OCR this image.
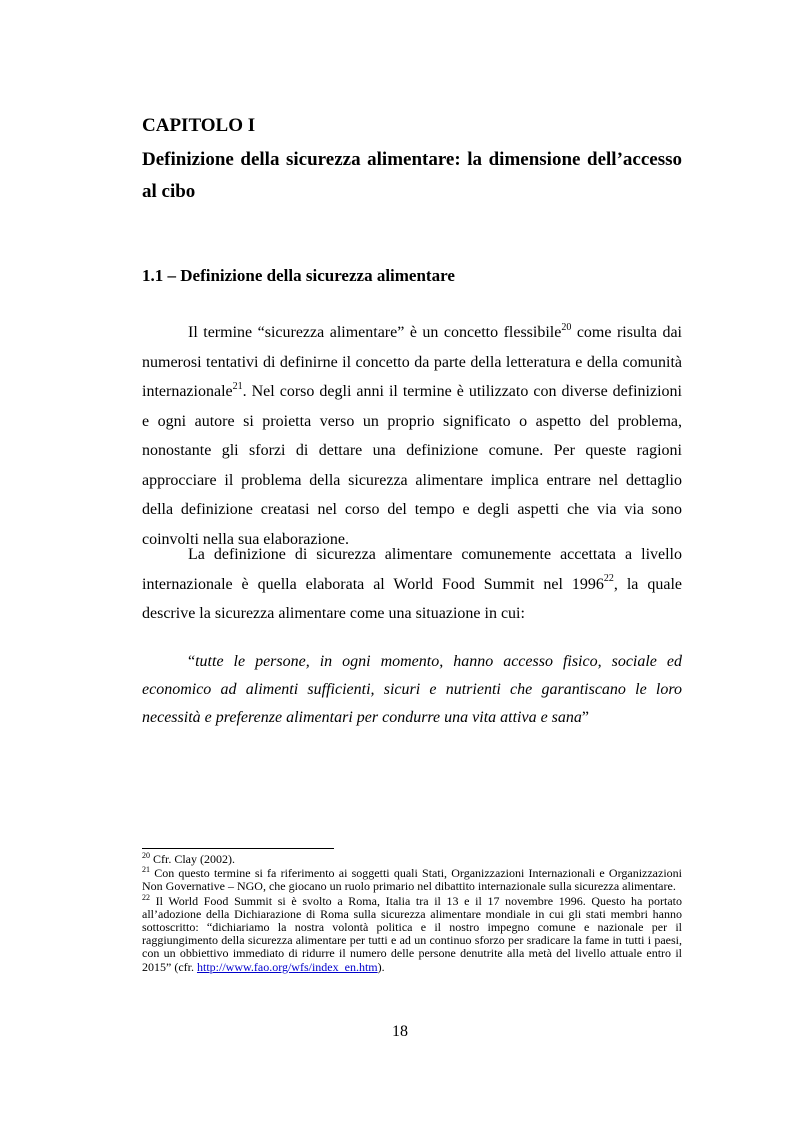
CAPITOLO I
Definizione della sicurezza alimentare: la dimensione dell’accesso al cibo
1.1 – Definizione della sicurezza alimentare

Il termine “sicurezza alimentare” è un concetto flessibile$^{20}$ come risulta dai numerosi tentativi di definirne il concetto da parte della letteratura e della comunità internazionale$^{21}$. Nel corso degli anni il termine è utilizzato con diverse definizioni e ogni autore si proietta verso un proprio significato o aspetto del problema, nonostante gli sforzi di dettare una definizione comune. Per queste ragioni approcciare il problema della sicurezza alimentare implica entrare nel dettaglio della definizione creatasi nel corso del tempo e degli aspetti che via via sono coinvolti nella sua elaborazione.

La definizione di sicurezza alimentare comunemente accettata a livello internazionale è quella elaborata al World Food Summit nel 1996$^{22}$, la quale descrive la sicurezza alimentare come una situazione in cui:

“tutte le persone, in ogni momento, hanno accesso fisico, sociale ed economico ad alimenti sufficienti, sicuri e nutrienti che garantiscano le loro necessità e preferenze alimentari per condurre una vita attiva e sana”

$^{20}$ Cfr. Clay (2002).

$^{21}$ Con questo termine si fa riferimento ai soggetti quali Stati, Organizzazioni Internazionali e Organizzazioni Non Governative – NGO, che giocano un ruolo primario nel dibattito internazionale sulla sicurezza alimentare.

$^{22}$ Il World Food Summit si è svolto a Roma, Italia tra il 13 e il 17 novembre 1996. Questo ha portato all’adozione della Dichiarazione di Roma sulla sicurezza alimentare mondiale in cui gli stati membri hanno sottoscritto: “dichiariamo la nostra volontà politica e il nostro impegno comune e nazionale per il raggiungimento della sicurezza alimentare per tutti e ad un continuo sforzo per sradicare la fame in tutti i paesi, con un obbiettivo immediato di ridurre il numero delle persone denutrite alla metà del livello attuale entro il 2015” (cfr. http://www.fao.org/wfs/index_en.htm).

18
